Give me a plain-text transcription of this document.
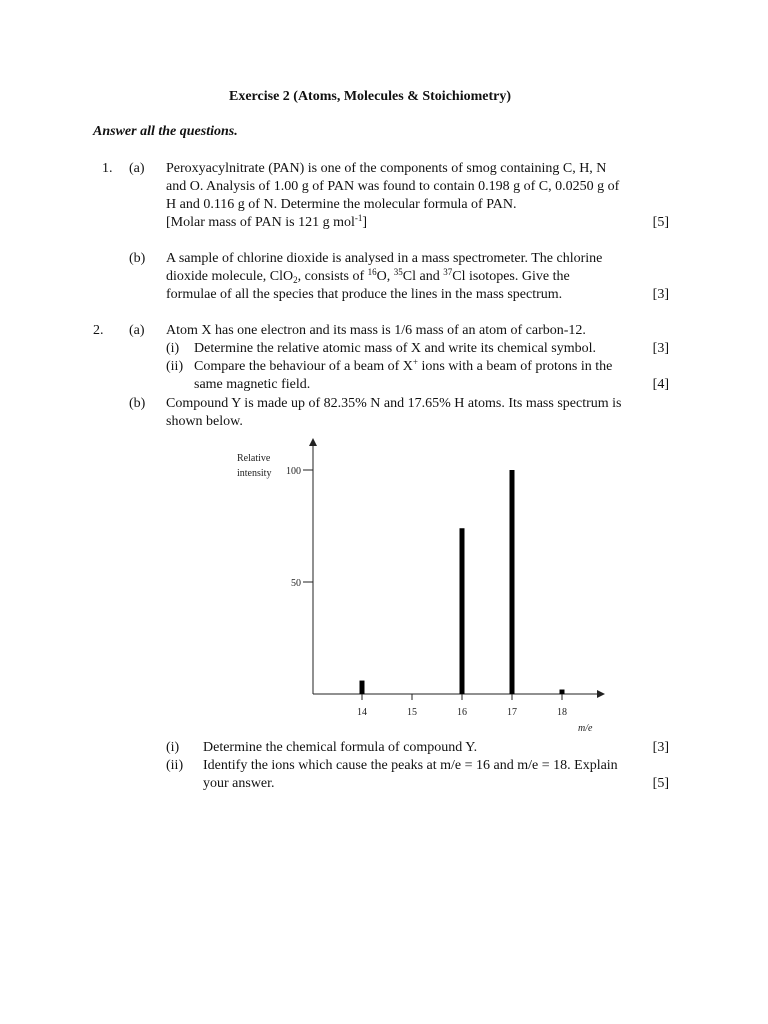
Exercise 2 (Atoms, Molecules & Stoichiometry)
Answer all the questions.
1. (a) Peroxyacylnitrate (PAN) is one of the components of smog containing C, H, N
and O. Analysis of 1.00 g of PAN was found to contain 0.198 g of C, 0.0250 g of
H and 0.116 g of N. Determine the molecular formula of PAN.
[Molar mass of PAN is 121 g mol$^{-1}$]	[5]
(b) A sample of chlorine dioxide is analysed in a mass spectrometer. The chlorine
dioxide molecule, ClO$_2$, consists of $^{16}$O, $^{35}$Cl and $^{37}$Cl isotopes. Give the
formulae of all the species that produce the lines in the mass spectrum.	[3]
2. (a) Atom X has one electron and its mass is 1/6 mass of an atom of carbon-12.
(i) Determine the relative atomic mass of X and write its chemical symbol.	[3]
(ii) Compare the behaviour of a beam of X+ ions with a beam of protons in the
same magnetic field.	[4]
(b) Compound Y is made up of 82.35% N and 17.65% H atoms. Its mass spectrum is
shown below.
Relative
intensity
50
100
14	15	16	17	18
m/e
(i) Determine the chemical formula of compound Y.	[3]
(ii) Identify the ions which cause the peaks at m/e = 16 and m/e = 18. Explain
your answer.	[5]
